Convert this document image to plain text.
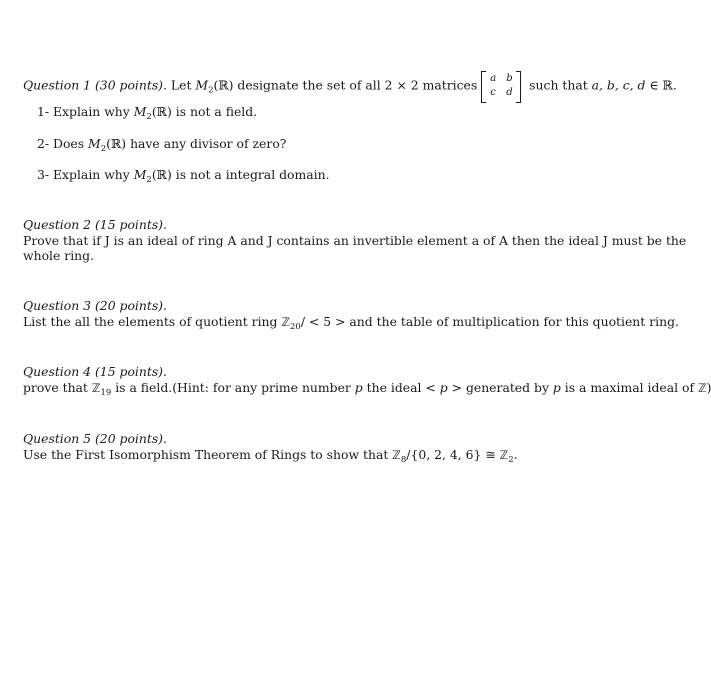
Question 1 (30 points). Let $M_2(ℝ)$ designate the set of all 2 × 2 matrices a b
c d such that a, b, c, d ∈ ℝ.
1- Explain why $M_2(ℝ)$ is not a field.
2- Does $M_2(ℝ)$ have any divisor of zero?
3- Explain why $M_2(ℝ)$ is not a integral domain.
Question 2 (15 points).
Prove that if J is an ideal of ring A and J contains an invertible element a of A then the ideal J must be the
whole ring.
Question 3 (20 points).
List the all the elements of quotient ring ℤ$_{20}$/ < 5 > and the table of multiplication for this quotient ring.
Question 4 (15 points).
prove that ℤ$_{19}$ is a field.(Hint: for any prime number p the ideal < p > generated by p is a maximal ideal of ℤ)
Question 5 (20 points).
Use the First Isomorphism Theorem of Rings to show that ℤ$_8$/{0, 2, 4, 6} ≅ ℤ$_2$.
